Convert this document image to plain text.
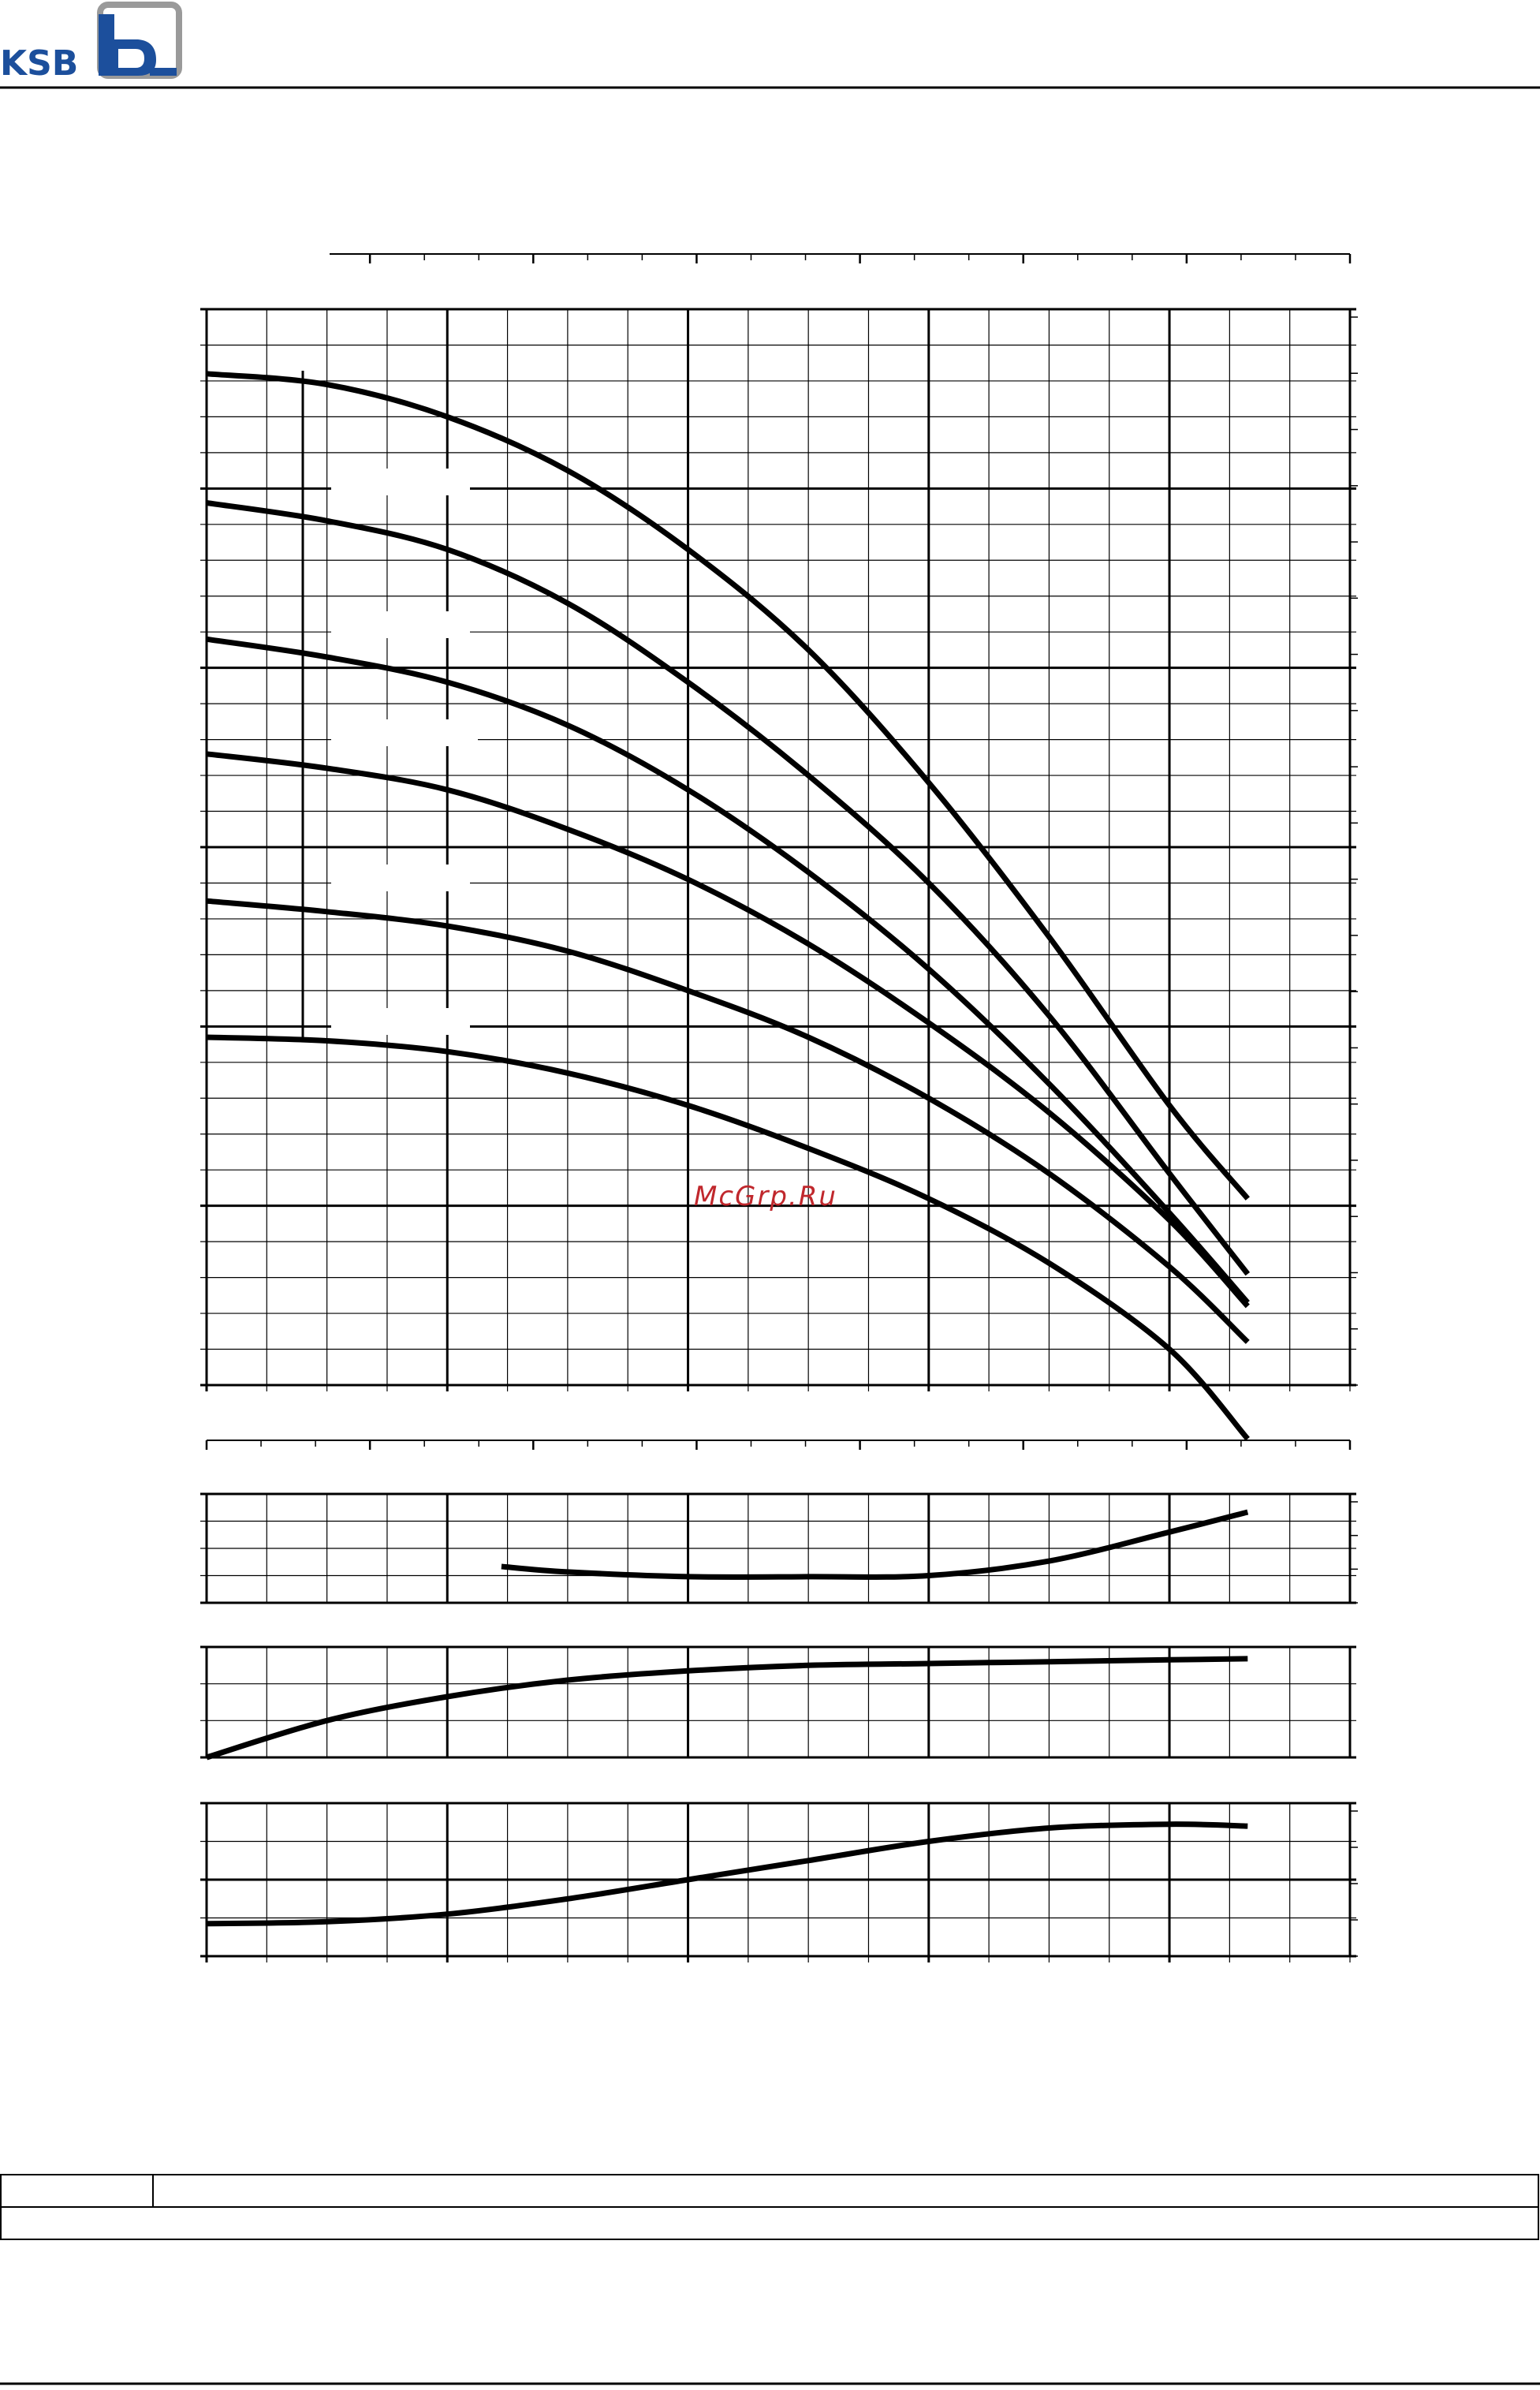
KSB
McGrp.Ru
